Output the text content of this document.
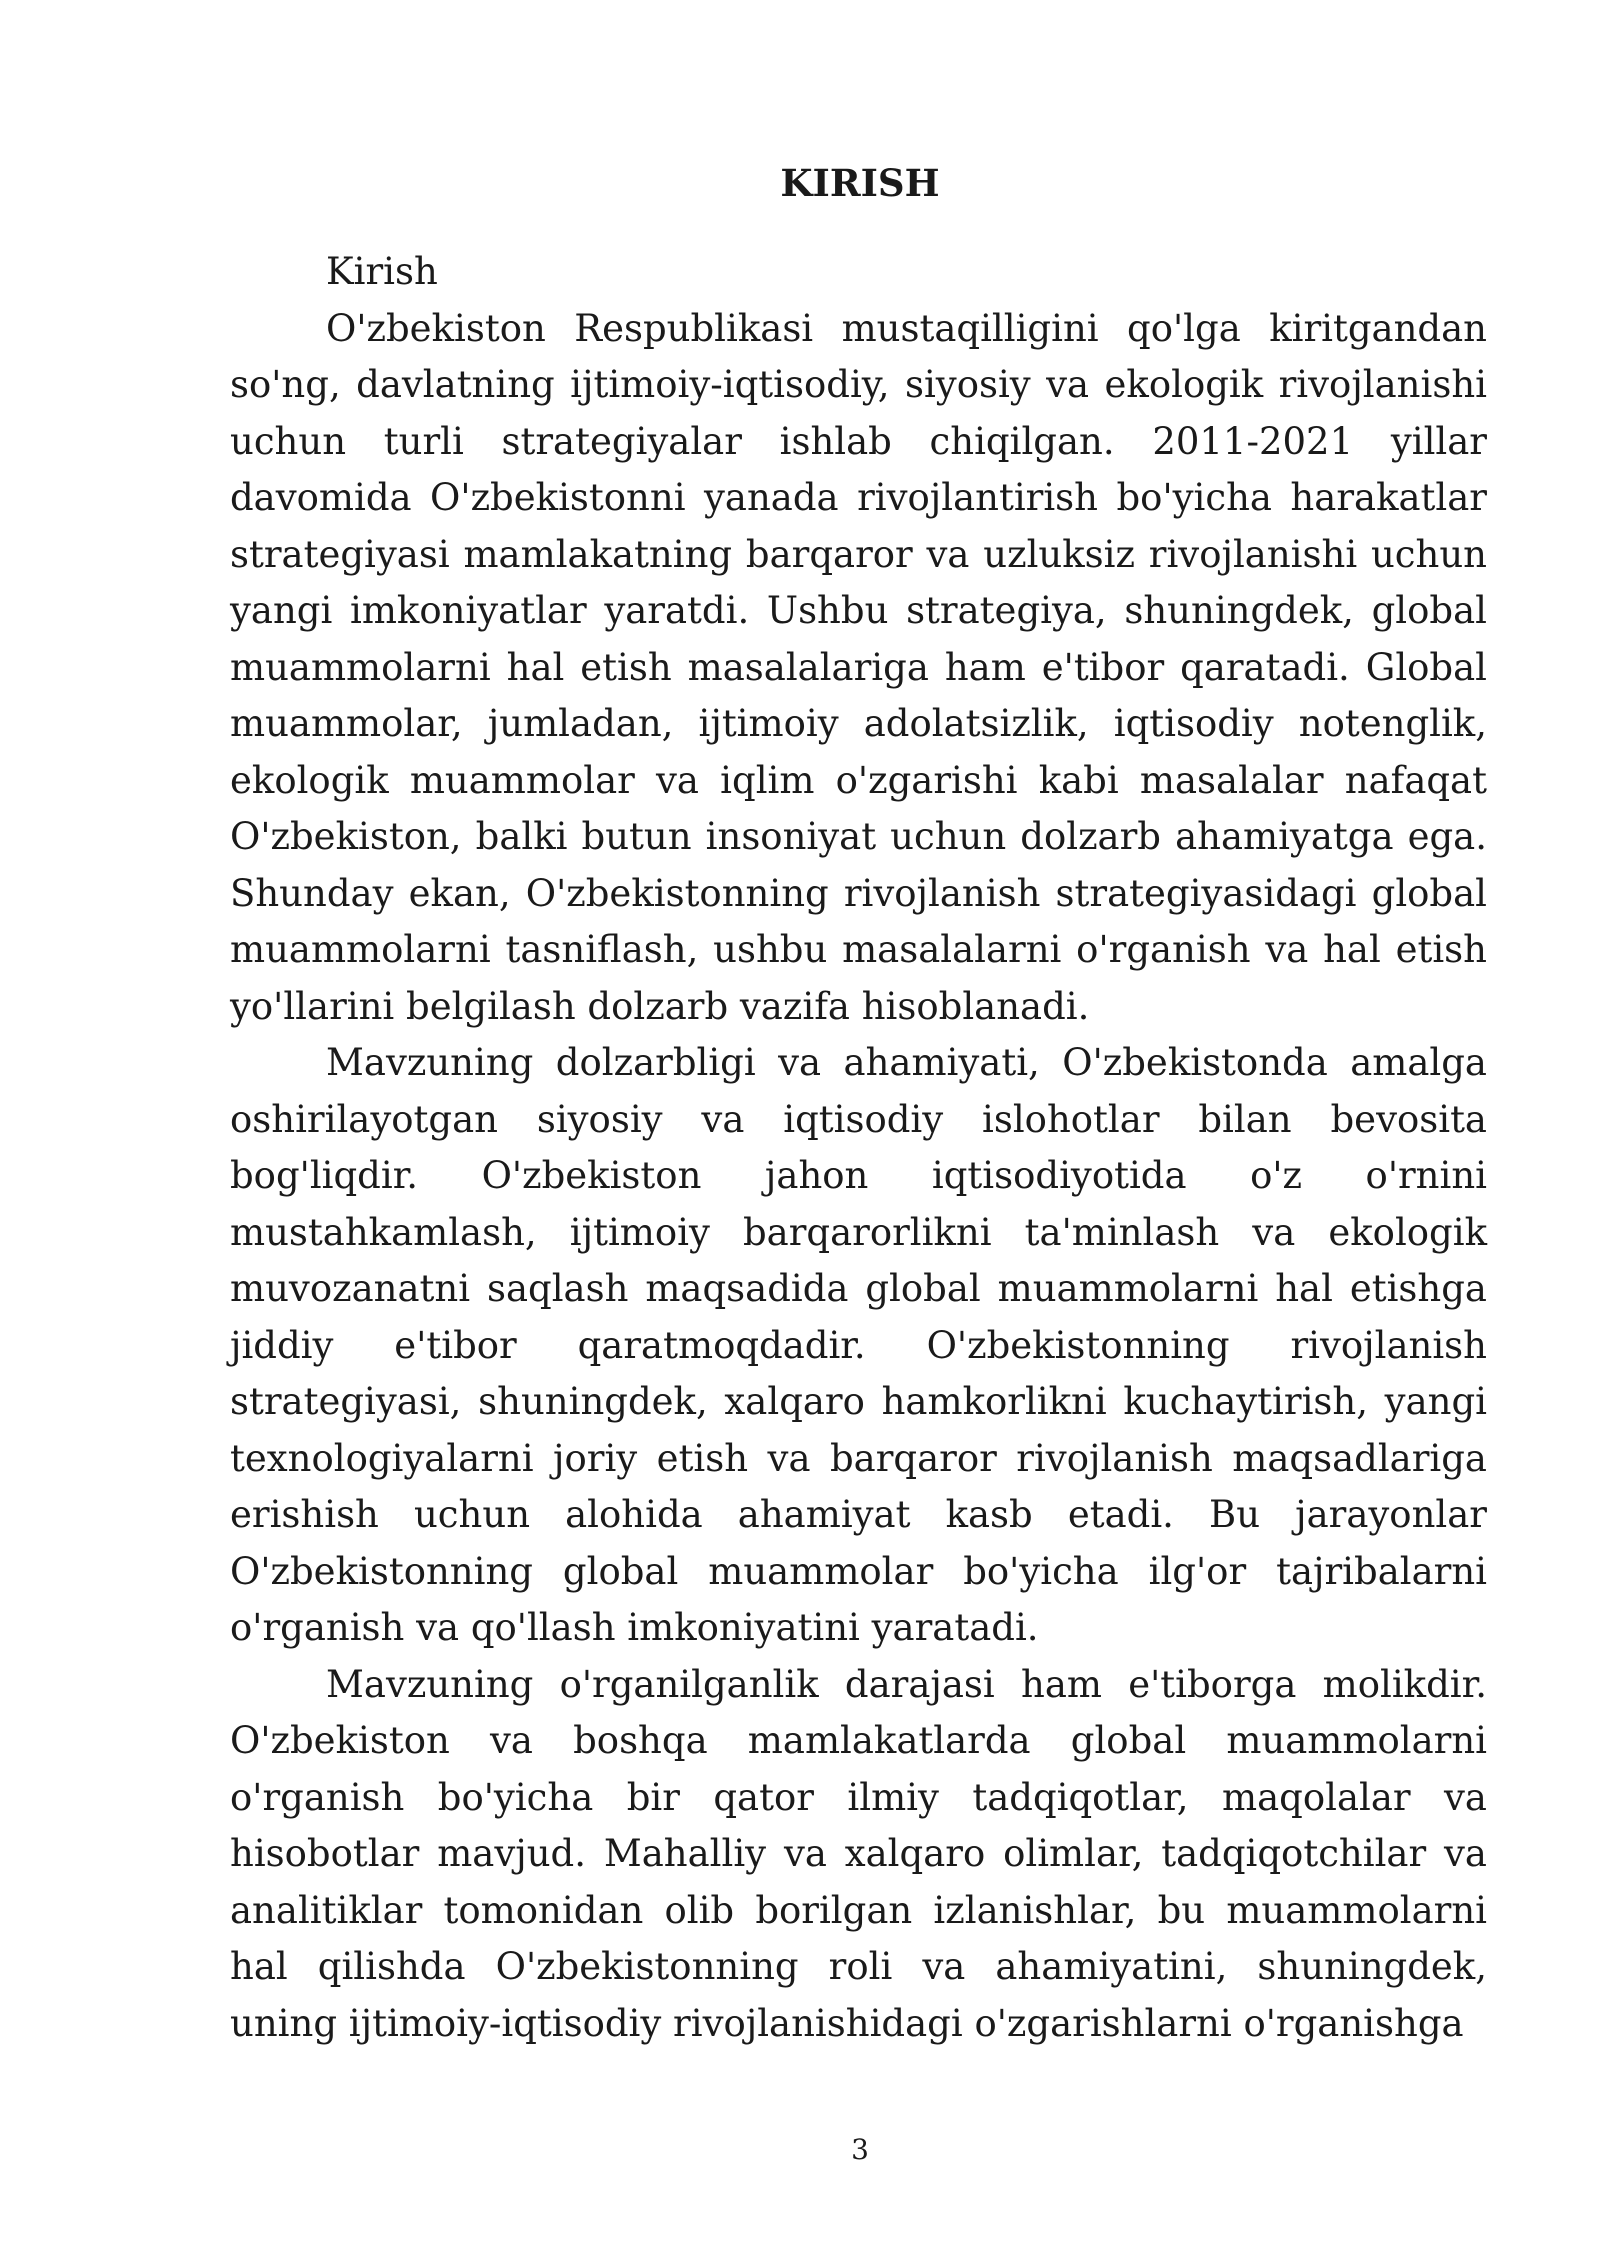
KIRISH

Kirish

O'zbekiston Respublikasi mustaqilligini qo'lga kiritgandan so'ng, davlatning ijtimoiy-iqtisodiy, siyosiy va ekologik rivojlanishi uchun turli strategiyalar ishlab chiqilgan. 2011-2021 yillar davomida O'zbekistonni yanada rivojlantirish bo'yicha harakatlar strategiyasi mamlakatning barqaror va uzluksiz rivojlanishi uchun yangi imkoniyatlar yaratdi. Ushbu strategiya, shuningdek, global muammolarni hal etish masalalariga ham e'tibor qaratadi. Global muammolar, jumladan, ijtimoiy adolatsizlik, iqtisodiy notenglik, ekologik muammolar va iqlim o'zgarishi kabi masalalar nafaqat O'zbekiston, balki butun insoniyat uchun dolzarb ahamiyatga ega. Shunday ekan, O'zbekistonning rivojlanish strategiyasidagi global muammolarni tasniflash, ushbu masalalarni o'rganish va hal etish yo'llarini belgilash dolzarb vazifa hisoblanadi.

Mavzuning dolzarbligi va ahamiyati, O'zbekistonda amalga oshirilayotgan siyosiy va iqtisodiy islohotlar bilan bevosita bog'liqdir. O'zbekiston jahon iqtisodiyotida o'z o'rnini mustahkamlash, ijtimoiy barqarorlikni ta'minlash va ekologik muvozanatni saqlash maqsadida global muammolarni hal etishga jiddiy e'tibor qaratmoqdadir. O'zbekistonning rivojlanish strategiyasi, shuningdek, xalqaro hamkorlikni kuchaytirish, yangi texnologiyalarni joriy etish va barqaror rivojlanish maqsadlariga erishish uchun alohida ahamiyat kasb etadi. Bu jarayonlar O'zbekistonning global muammolar bo'yicha ilg'or tajribalarni o'rganish va qo'llash imkoniyatini yaratadi.

Mavzuning o'rganilganlik darajasi ham e'tiborga molikdir. O'zbekiston va boshqa mamlakatlarda global muammolarni o'rganish bo'yicha bir qator ilmiy tadqiqotlar, maqolalar va hisobotlar mavjud. Mahalliy va xalqaro olimlar, tadqiqotchilar va analitiklar tomonidan olib borilgan izlanishlar, bu muammolarni hal qilishda O'zbekistonning roli va ahamiyatini, shuningdek, uning ijtimoiy-iqtisodiy rivojlanishidagi o'zgarishlarni o'rganishga

3
